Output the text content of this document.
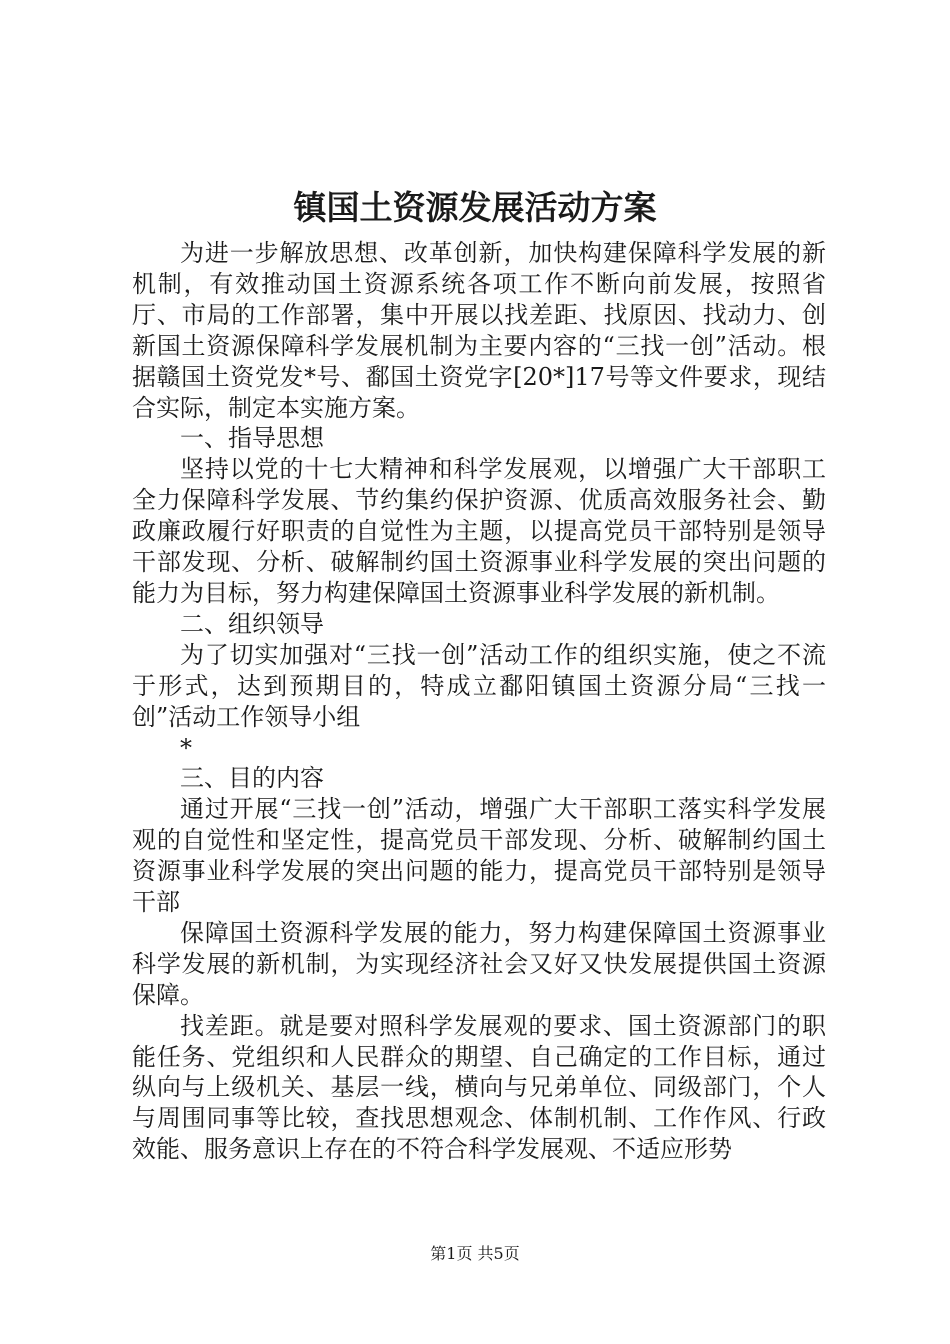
镇国土资源发展活动方案

为进一步解放思想、改革创新，加快构建保障科学发展的新机制，有效推动国土资源系统各项工作不断向前发展，按照省厅、市局的工作部署，集中开展以找差距、找原因、找动力、创新国土资源保障科学发展机制为主要内容的“三找一创”活动。根据赣国土资党发*号、鄱国土资党字[20*]17号等文件要求，现结合实际，制定本实施方案。

一、指导思想

坚持以党的十七大精神和科学发展观，以增强广大干部职工全力保障科学发展、节约集约保护资源、优质高效服务社会、勤政廉政履行好职责的自觉性为主题，以提高党员干部特别是领导干部发现、分析、破解制约国土资源事业科学发展的突出问题的能力为目标，努力构建保障国土资源事业科学发展的新机制。

二、组织领导

为了切实加强对“三找一创”活动工作的组织实施，使之不流于形式，达到预期目的，特成立鄱阳镇国土资源分局“三找一创”活动工作领导小组

*

三、目的内容

通过开展“三找一创”活动，增强广大干部职工落实科学发展观的自觉性和坚定性，提高党员干部发现、分析、破解制约国土资源事业科学发展的突出问题的能力，提高党员干部特别是领导干部

保障国土资源科学发展的能力，努力构建保障国土资源事业科学发展的新机制，为实现经济社会又好又快发展提供国土资源保障。

找差距。就是要对照科学发展观的要求、国土资源部门的职能任务、党组织和人民群众的期望、自己确定的工作目标，通过纵向与上级机关、基层一线，横向与兄弟单位、同级部门，个人与周围同事等比较，查找思想观念、体制机制、工作作风、行政效能、服务意识上存在的不符合科学发展观、不适应形势

第1页 共5页
